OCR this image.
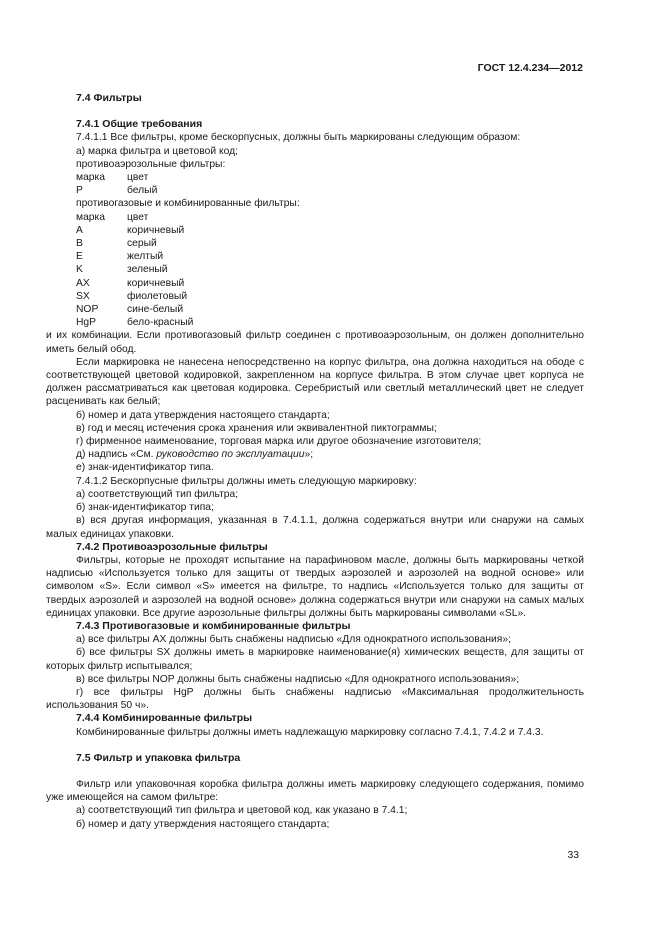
ГОСТ 12.4.234—2012
7.4 Фильтры
7.4.1 Общие требования

7.4.1.1 Все фильтры, кроме бескорпусных, должны быть маркированы следующим образом:

а) марка фильтра и цветовой код;

противоаэрозольные фильтры:

марка	цвет
P	белый

противогазовые и комбинированные фильтры:

марка	цвет
A	коричневый
B	серый
E	желтый
K	зеленый
AX	коричневый
SX	фиолетовый
NOP	сине-белый
HgP	бело-красный

и их комбинации. Если противогазовый фильтр соединен с противоаэрозольным, он должен дополнительно иметь белый обод.

Если маркировка не нанесена непосредственно на корпус фильтра, она должна находиться на ободе с соответствующей цветовой кодировкой, закрепленном на корпусе фильтра. В этом случае цвет корпуса не должен рассматриваться как цветовая кодировка. Серебристый или светлый металлический цвет не следует расценивать как белый;

б) номер и дата утверждения настоящего стандарта;

в) год и месяц истечения срока хранения или эквивалентной пиктограммы;

г) фирменное наименование, торговая марка или другое обозначение изготовителя;

д) надпись «См. руководство по эксплуатации»;

е) знак-идентификатор типа.

7.4.1.2 Бескорпусные фильтры должны иметь следующую маркировку:

а) соответствующий тип фильтра;

б) знак-идентификатор типа;

в) вся другая информация, указанная в 7.4.1.1, должна содержаться внутри или снаружи на самых малых единицах упаковки.

7.4.2 Противоаэрозольные фильтры

Фильтры, которые не проходят испытание на парафиновом масле, должны быть маркированы четкой надписью «Используется только для защиты от твердых аэрозолей и аэрозолей на водной основе» или символом «S». Если символ «S» имеется на фильтре, то надпись «Используется только для защиты от твердых аэрозолей и аэрозолей на водной основе» должна содержаться внутри или снаружи на самых малых единицах упаковки. Все другие аэрозольные фильтры должны быть маркированы символами «SL».

7.4.3 Противогазовые и комбинированные фильтры

а) все фильтры AX должны быть снабжены надписью «Для однократного использования»;

б) все фильтры SX должны иметь в маркировке наименование(я) химических веществ, для защиты от которых фильтр испытывался;

в) все фильтры NOP должны быть снабжены надписью «Для однократного использования»;

г) все фильтры HgP должны быть снабжены надписью «Максимальная продолжительность использования 50 ч».

7.4.4 Комбинированные фильтры

Комбинированные фильтры должны иметь надлежащую маркировку согласно 7.4.1, 7.4.2 и 7.4.3.

7.5 Фильтр и упаковка фильтра

Фильтр или упаковочная коробка фильтра должны иметь маркировку следующего содержания, помимо уже имеющейся на самом фильтре:

а) соответствующий тип фильтра и цветовой код, как указано в 7.4.1;

б) номер и дату утверждения настоящего стандарта;

33
